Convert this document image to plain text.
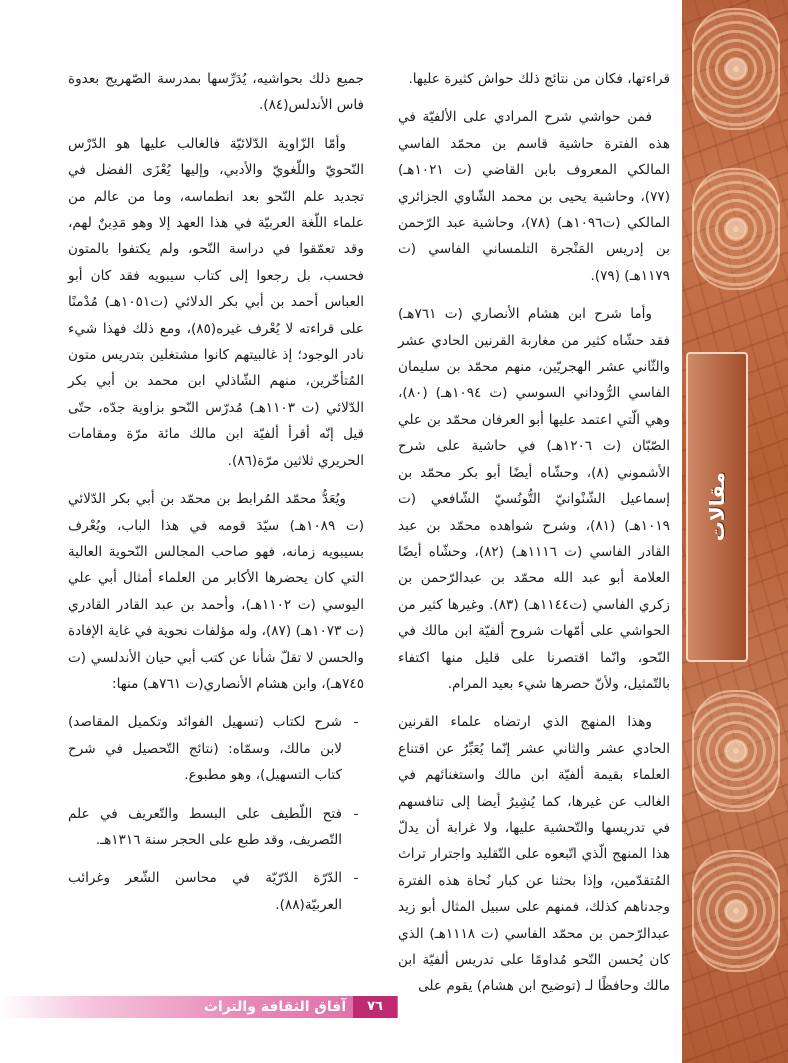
مقالات

قراءتها، فكان من نتائج ذلك حواش كثيرة عليها.

فمن حواشي شرح المرادي على الألفيّة في هذه الفترة حاشية قاسم بن محمّد الفاسي المالكي المعروف بابن القاضي (ت ١٠٢١هـ) (٧٧)، وحاشية يحيى بن محمد الشّاوي الجزائري المالكي (ت١٠٩٦هـ) (٧٨)، وحاشية عبد الرّحمن بن إدريس المَنْجرة التلمساني الفاسي (ت ١١٧٩هـ) (٧٩).

وأما شرح ابن هشام الأنصاري (ت ٧٦١هـ) فقد حشّاه كثير من مغاربة القرنين الحادي عشر والثّاني عشر الهجريّين، منهم محمّد بن سليمان الفاسي الرُّوداني السوسي (ت ١٠٩٤هـ) (٨٠)، وهي الّتي اعتمد عليها أبو العرفان محمّد بن علي الصّبّان (ت ١٢٠٦هـ) في حاشية على شرح الأشموني (٨)، وحشّاه أيضًا أبو بكر محمّد بن إسماعيل الشّنْوانيّ التُّونُسيّ الشّافعي (ت ١٠١٩هـ) (٨١)، وشرح شواهده محمّد بن عبد القادر الفاسي (ت ١١١٦هـ) (٨٢)، وحشّاه أيضًا العلامة أبو عبد الله محمّد بن عبدالرّحمن بن زكري الفاسي (ت١١٤٤هـ) (٨٣). وغيرها كثير من الحواشي على أمّهات شروح ألفيّة ابن مالك في النّحو، وانّما اقتصرنا على قليل منها اكتفاء بالتّمثيل، ولأنّ حصرها شيء بعيد المرام.

وهذا المنهج الذي ارتضاه علماء القرنين الحادي عشر والثاني عشر إنّما يُعَبِّرُ عن اقتناع العلماء بقيمة ألفيّة ابن مالك واستغنائهم في الغالب عن غيرها، كما يُشِيرُ أيضا إلى تنافسهم في تدريسها والتّحشية عليها، ولا غرابة أن يدلّ هذا المنهج الّذي اتّبعوه على التّقليد واجترار تراث المُتقدّمين، وإذا بحثنا عن كبار نُحاة هذه الفترة وجدناهم كذلك، فمنهم على سبيل المثال أبو زيد عبدالرّحمن بن محمّد الفاسي (ت ١١١٨هـ) الذي كان يُحسن النّحو مُداومًا على تدريس ألفيّة ابن مالك وحافظًا لـ (توضيح ابن هشام) يقوم على

جميع ذلك بحواشيه، يُدَرِّسها بمدرسة الصّهريج بعدوة فاس الأندلس(٨٤).

وأمّا الزّاوية الدّلائيّة فالغالب عليها هو الدّرْس النّحويّ واللّغويّ والأدبي، وإليها يُعْزَى الفضل في تجديد علم النّحو بعد انطماسه، وما من عالم من علماء اللّغة العربيّة في هذا العهد إلا وهو مَدِينٌ لهم، وقد تعمّقوا في دراسة النّحو، ولم يكتفوا بالمتون فحسب، بل رجعوا إلى كتاب سيبويه فقد كان أبو العباس أحمد بن أبي بكر الدلائي (ت١٠٥١هـ) مُدْمنًا على قراءته لا يُعْرف غيره(٨٥)، ومع ذلك فهذا شيء نادر الوجود؛ إذ غالبيتهم كانوا مشتغلين بتدريس متون المُتأخّرين، منهم الشّاذلي ابن محمد بن أبي بكر الدّلائي (ت ١١٠٣هـ) مُدرّس النّحو بزاوية جدّه، حتّى قيل إنّه أقرأ ألفيّة ابن مالك مائة مرّة ومقامات الحريري ثلاثين مرّة(٨٦).

ويُعَدُّ محمّد المُرابط بن محمّد بن أبي بكر الدّلائي (ت ١٠٨٩هـ) سيّدَ قومه في هذا الباب، ويُعْرف بسيبويه زمانه، فهو صاحب المجالس النّحوية العالية التي كان يحضرها الأكابر من العلماء أمثال أبي علي اليوسي (ت ١١٠٢هـ)، وأحمد بن عبد القادر القادري (ت ١٠٧٣هـ) (٨٧)، وله مؤلفات نحوية في غاية الإفادة والحسن لا تقلّ شأنا عن كتب أبي حيان الأندلسي (ت ٧٤٥هـ)، وابن هشام الأنصاري(ت ٧٦١هـ) منها:

-
شرح لكتاب (تسهيل الفوائد وتكميل المقاصد) لابن مالك، وسمّاه: (نتائج التّحصيل في شرح كتاب التسهيل)، وهو مطبوع.
-
فتح اللّطيف على البسط والتّعريف في علم التّصريف، وقد طبع على الحجر سنة ١٣١٦هـ.
-
الدّرّة الدّرّيّة في محاسن الشّعر وغرائب العربيّة(٨٨).
آفاق الثقافة والتراث	٧٦
